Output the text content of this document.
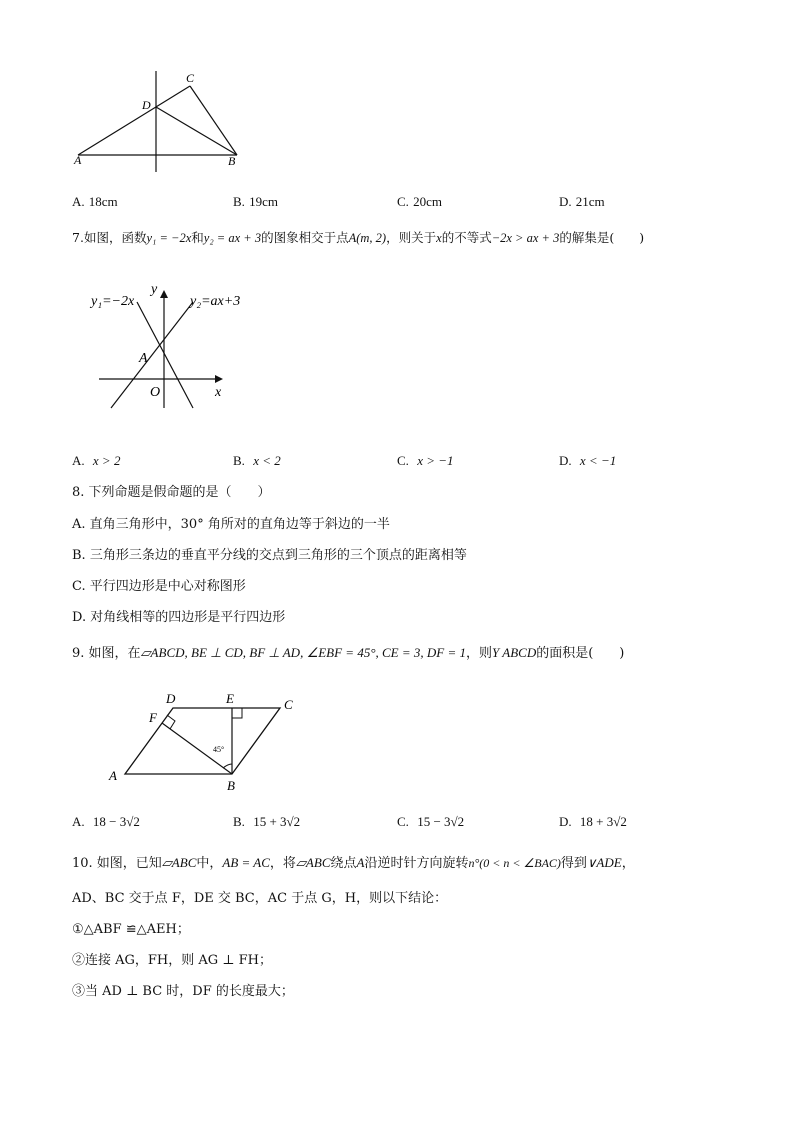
A	B
C
D
A. 18cm	B. 19cm	C. 20cm	D. 21cm
7.如图，函数y₁ = −2x和y₂ = ax + 3的图象相交于点A(m, 2)，则关于x的不等式−2x > ax + 3的解集是(　　)
y₁=−2x	y₂=ax+3
y
x
O
A
A. x > 2	B. x < 2	C. x > −1	D. x < −1
8. 下列命题是假命题的是（　　）
A. 直角三角形中，30° 角所对的直角边等于斜边的一半
B. 三角形三条边的垂直平分线的交点到三角形的三个顶点的距离相等
C. 平行四边形是中心对称图形
D. 对角线相等的四边形是平行四边形
9. 如图，在▱ABCD, BE ⊥ CD, BF ⊥ AD, ∠EBF = 45°, CE = 3, DF = 1，则Y ABCD的面积是(　　)
45°
A
B
C
D	E
F
A. 18 − 3√2	B. 15 + 3√2	C. 15 − 3√2	D. 18 + 3√2
10. 如图，已知▱ABC中，AB = AC，将▱ABC绕点A沿逆时针方向旋转n°(0 < n < ∠BAC)得到∨ADE，
AD、BC 交于点 F，DE 交 BC，AC 于点 G，H，则以下结论：
①△ABF ≌△AEH；
②连接 AG，FH，则 AG ⊥ FH；
③当 AD ⊥ BC 时，DF 的长度最大；
